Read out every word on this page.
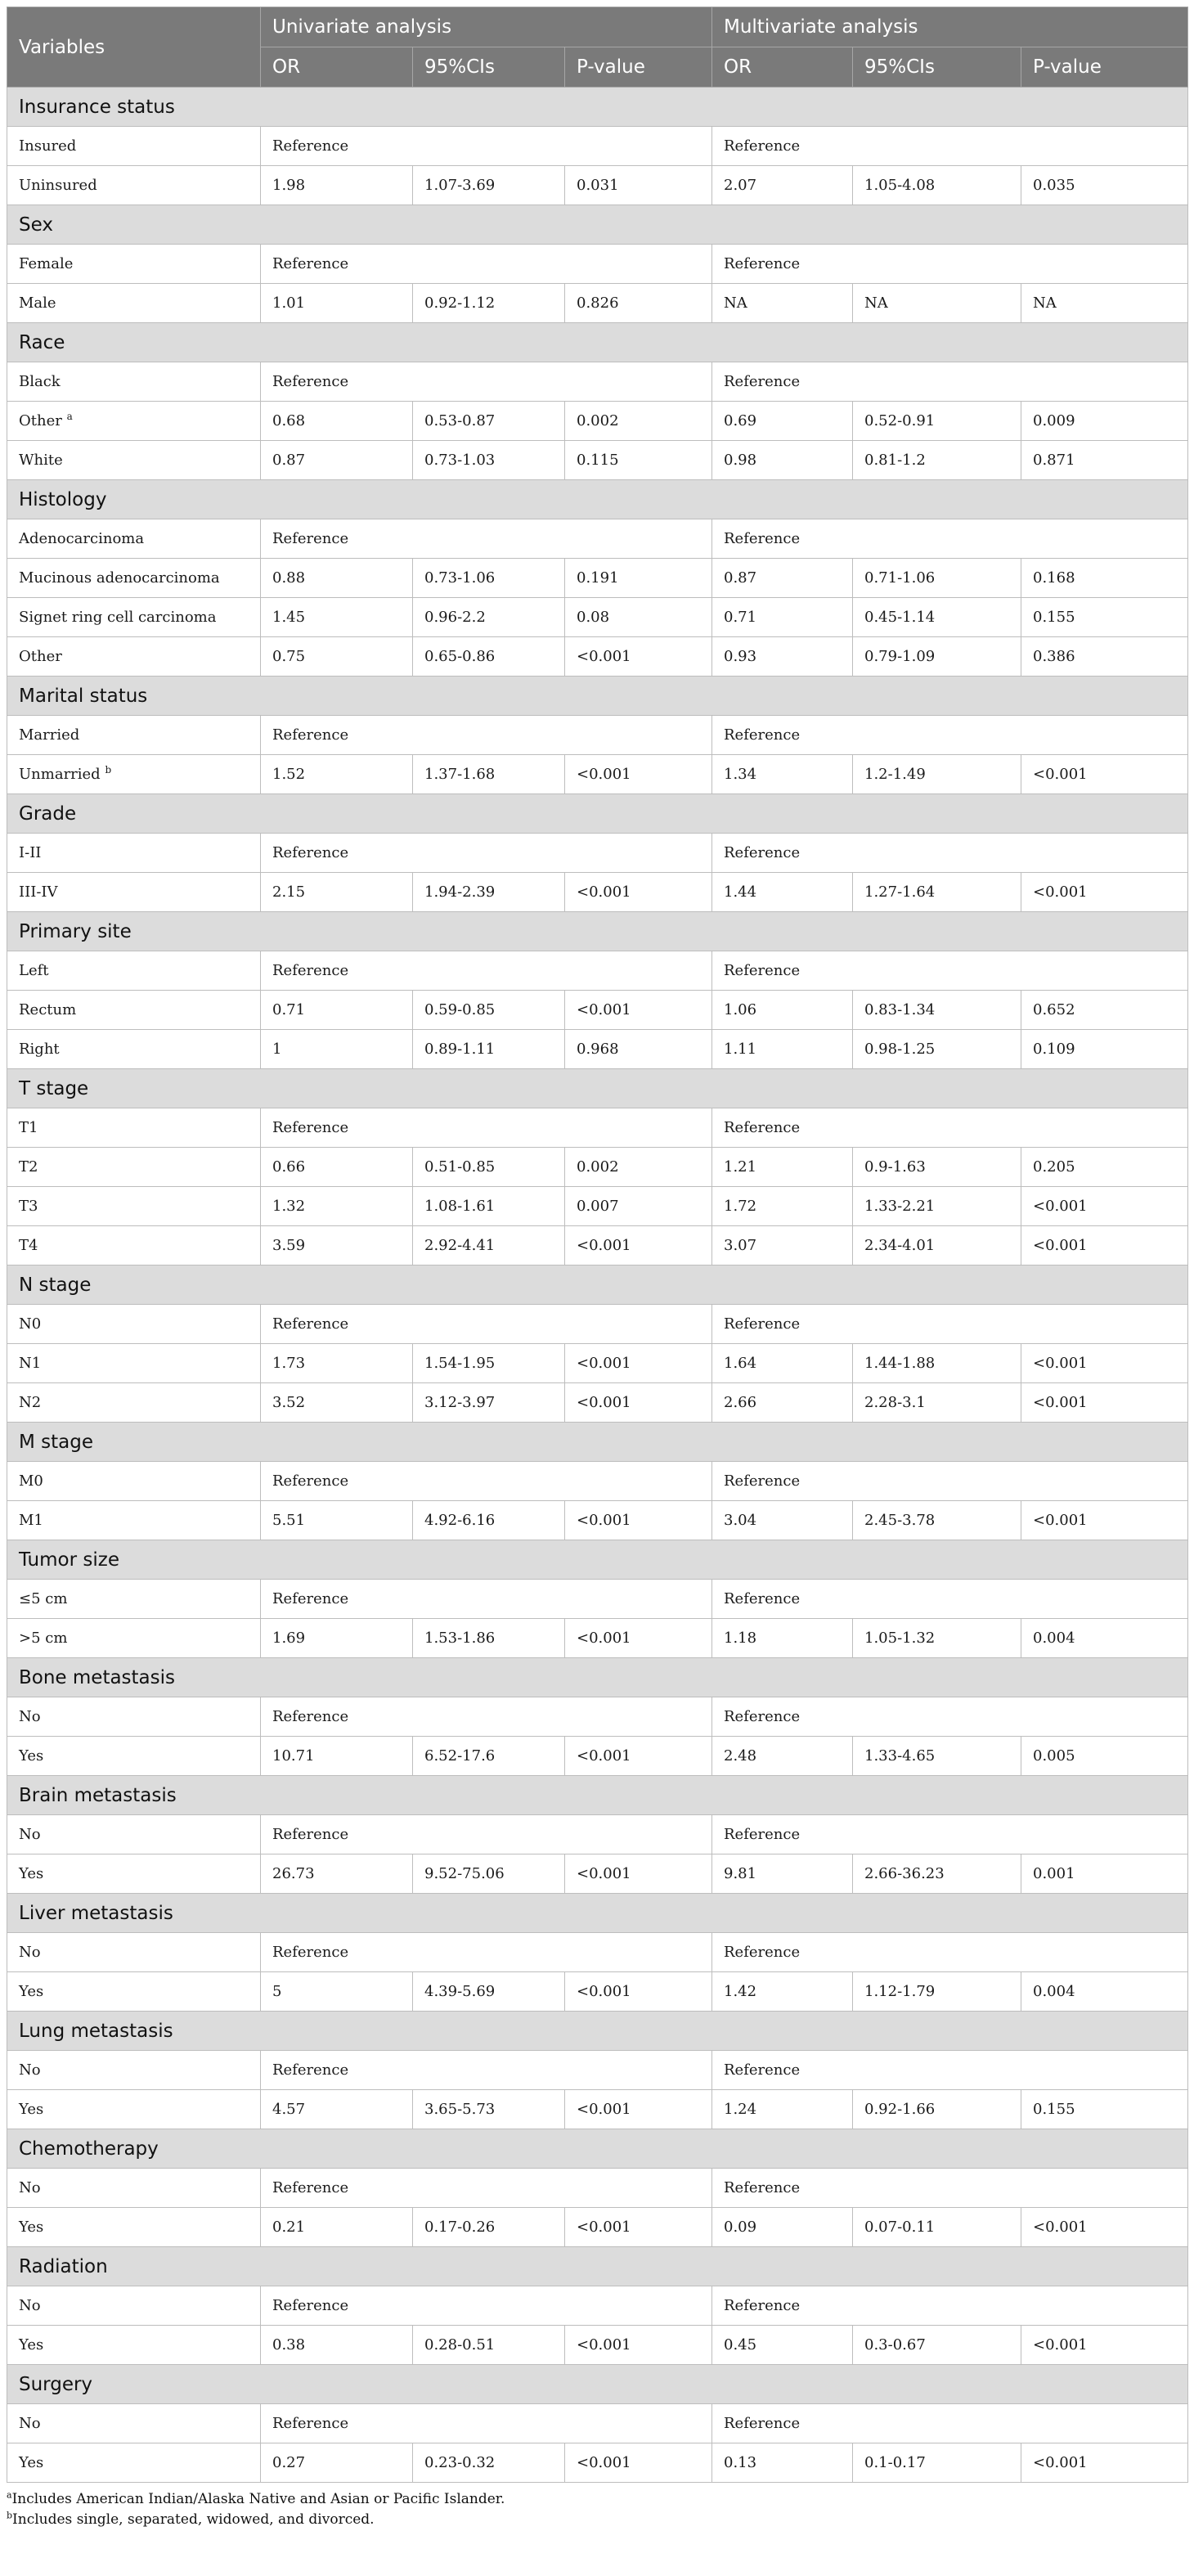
Variables	Univariate analysis			Multivariate analysis		
	OR	95%CIs	P-value	OR	95%CIs	P-value
Insurance status						
Insured	Reference			Reference		
Uninsured	1.98	1.07-3.69	0.031	2.07	1.05-4.08	0.035
Sex						
Female	Reference			Reference		
Male	1.01	0.92-1.12	0.826	NA	NA	NA
Race						
Black	Reference			Reference		
Other $^a$	0.68	0.53-0.87	0.002	0.69	0.52-0.91	0.009
White	0.87	0.73-1.03	0.115	0.98	0.81-1.2	0.871
Histology						
Adenocarcinoma	Reference			Reference		
Mucinous adenocarcinoma	0.88	0.73-1.06	0.191	0.87	0.71-1.06	0.168
Signet ring cell carcinoma	1.45	0.96-2.2	0.08	0.71	0.45-1.14	0.155
Other	0.75	0.65-0.86	<0.001	0.93	0.79-1.09	0.386
Marital status						
Married	Reference			Reference		
Unmarried $^b$	1.52	1.37-1.68	<0.001	1.34	1.2-1.49	<0.001
Grade						
I-II	Reference			Reference		
III-IV	2.15	1.94-2.39	<0.001	1.44	1.27-1.64	<0.001
Primary site						
Left	Reference			Reference		
Rectum	0.71	0.59-0.85	<0.001	1.06	0.83-1.34	0.652
Right	1	0.89-1.11	0.968	1.11	0.98-1.25	0.109
T stage						
T1	Reference			Reference		
T2	0.66	0.51-0.85	0.002	1.21	0.9-1.63	0.205
T3	1.32	1.08-1.61	0.007	1.72	1.33-2.21	<0.001
T4	3.59	2.92-4.41	<0.001	3.07	2.34-4.01	<0.001
N stage						
N0	Reference			Reference		
N1	1.73	1.54-1.95	<0.001	1.64	1.44-1.88	<0.001
N2	3.52	3.12-3.97	<0.001	2.66	2.28-3.1	<0.001
M stage						
M0	Reference			Reference		
M1	5.51	4.92-6.16	<0.001	3.04	2.45-3.78	<0.001
Tumor size						
≤5 cm	Reference			Reference		
>5 cm	1.69	1.53-1.86	<0.001	1.18	1.05-1.32	0.004
Bone metastasis						
No	Reference			Reference		
Yes	10.71	6.52-17.6	<0.001	2.48	1.33-4.65	0.005
Brain metastasis						
No	Reference			Reference		
Yes	26.73	9.52-75.06	<0.001	9.81	2.66-36.23	0.001
Liver metastasis						
No	Reference			Reference		
Yes	5	4.39-5.69	<0.001	1.42	1.12-1.79	0.004
Lung metastasis						
No	Reference			Reference		
Yes	4.57	3.65-5.73	<0.001	1.24	0.92-1.66	0.155
Chemotherapy						
No	Reference			Reference		
Yes	0.21	0.17-0.26	<0.001	0.09	0.07-0.11	<0.001
Radiation						
No	Reference			Reference		
Yes	0.38	0.28-0.51	<0.001	0.45	0.3-0.67	<0.001
Surgery						
No	Reference			Reference		
Yes	0.27	0.23-0.32	<0.001	0.13	0.1-0.17	<0.001
$^a$Includes American Indian/Alaska Native and Asian or Pacific Islander.
$^b$Includes single, separated, widowed, and divorced.
